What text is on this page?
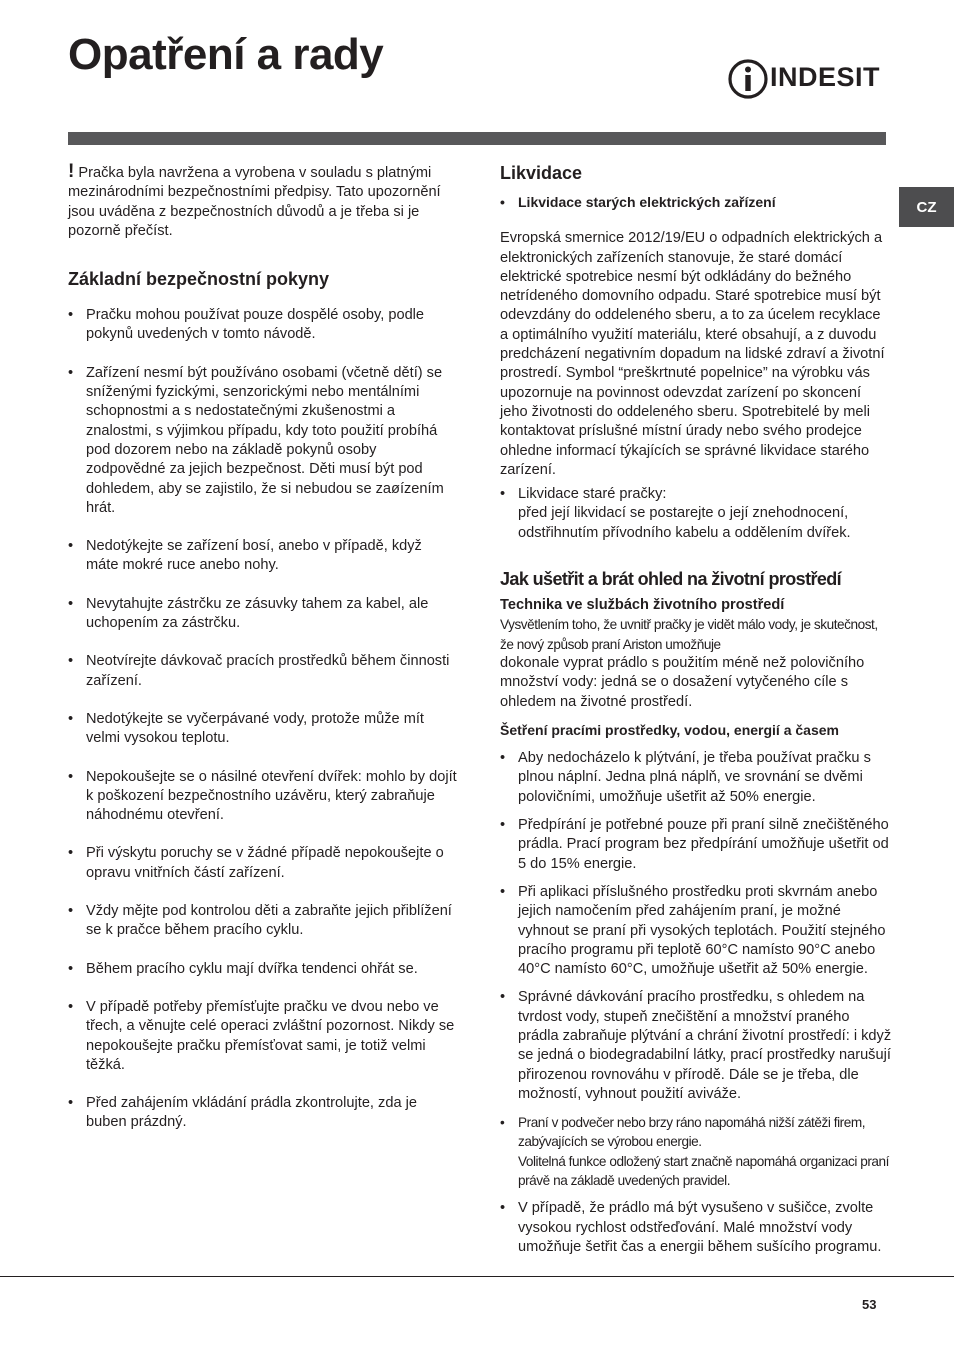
Opatření a rady	INDESIT
CZ

! Pračka byla navržena a vyrobena v souladu s platnými mezinárodními bezpečnostními předpisy. Tato upozornění jsou uváděna z bezpečnostních důvodů a je třeba si je pozorně přečíst.

Základní bezpečnostní pokyny
• Pračku mohou používat pouze dospělé osoby, podle pokynů uvedených v tomto návodě.
• Zařízení nesmí být používáno osobami (včetně dětí) se sníženými fyzickými, senzorickými nebo mentálními schopnostmi a s nedostatečnými zkušenostmi a znalostmi, s výjimkou případu, kdy toto použití probíhá pod dozorem nebo na základě pokynů osoby zodpovědné za jejich bezpečnost. Děti musí být pod dohledem, aby se zajistilo, že si nebudou se zaøízením hrát.
• Nedotýkejte se zařízení bosí, anebo v případě, když máte mokré ruce anebo nohy.
• Nevytahujte zástrčku ze zásuvky tahem za kabel, ale uchopením za zástrčku.
• Neotvírejte dávkovač pracích prostředků během činnosti zařízení.
• Nedotýkejte se vyčerpávané vody, protože může mít velmi vysokou teplotu.
• Nepokoušejte se o násilné otevření dvířek: mohlo by dojít k poškození bezpečnostního uzávěru, který zabraňuje náhodnému otevření.
• Při výskytu poruchy se v žádné případě nepokoušejte o opravu vnitřních částí zařízení.
• Vždy mějte pod kontrolou děti a zabraňte jejich přiblížení se k pračce během pracího cyklu.
• Během pracího cyklu mají dvířka tendenci ohřát se.
• V případě potřeby přemísťujte pračku ve dvou nebo ve třech, a věnujte celé operaci zvláštní pozornost. Nikdy se nepokoušejte pračku přemísťovat sami, je totiž velmi těžká.
• Před zahájením vkládání prádla zkontrolujte, zda je buben prázdný.
Likvidace
• Likvidace starých elektrických zařízení

Evropská smernice 2012/19/EU o odpadních elektrických a elektronických zařízeních stanovuje, že staré domácí elektrické spotrebice nesmí být odkládány do bežného netrídeného domovního odpadu. Staré spotrebice musí být odevzdány do oddeleného sberu, a to za úcelem recyklace a optimálního využití materiálu, které obsahují, a z duvodu predcházení negativním dopadum na lidské zdraví a životní prostredí. Symbol “preškrtnuté popelnice” na výrobku vás upozornuje na povinnost odevzdat zarízení po skoncení jeho životnosti do oddeleného sberu. Spotrebitelé by meli kontaktovat príslušné místní úrady nebo svého prodejce ohledne informací týkajících se správné likvidace starého zarízení.

• Likvidace staré pračky:
před její likvidací se postarejte o její znehodnocení, odstřihnutím přívodního kabelu a oddělením dvířek.
Jak ušetřit a brát ohled na životní prostředí
Technika ve službách životního prostředí

Vysvětlením toho, že uvnitř pračky je vidět málo vody, je skutečnost, že nový způsob praní Ariston umožňuje

dokonale vyprat prádlo s použitím méně než polovičního množství vody: jedná se o dosažení vytyčeného cíle s ohledem na životné prostředí.

Šetření pracími prostředky, vodou, energií a časem
• Aby nedocházelo k plýtvání, je třeba používat pračku s plnou náplní. Jedna plná náplň, ve srovnání se dvěmi polovičními, umožňuje ušetřit až 50% energie.
• Předpírání je potřebné pouze při praní silně znečištěného prádla. Prací program bez předpírání umožňuje ušetřit od 5 do 15% energie.
• Při aplikaci příslušného prostředku proti skvrnám anebo jejich namočením před zahájením praní, je možné vyhnout se praní při vysokých teplotách. Použití stejného pracího programu při teplotě 60°C namísto 90°C anebo 40°C namísto 60°C, umožňuje ušetřit až 50% energie.
• Správné dávkování pracího prostředku, s ohledem na tvrdost vody, stupeň znečištění a množství praného prádla zabraňuje plýtvání a chrání životní prostředí: i když se jedná o biodegradabilní látky, prací prostředky narušují přirozenou rovnováhu v přírodě. Dále se je třeba, dle možností, vyhnout použití aviváže.
• Praní v podvečer nebo brzy ráno napomáhá nižší zátěži firem, zabývajících se výrobou energie.
Volitelná funkce odložený start značně napomáhá organizaci praní právě na základě uvedených pravidel.
• V případě, že prádlo má být vysušeno v sušičce, zvolte vysokou rychlost odstřeďování. Malé množství vody umožňuje šetřit čas a energii během sušícího programu.
53
